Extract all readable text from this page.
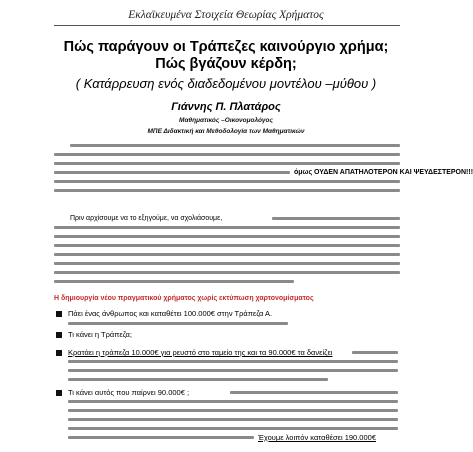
Εκλαϊκευμένα Στοιχεία Θεωρίας Χρήματος
Πώς παράγουν οι Τράπεζες καινούργιο χρήμα;
Πώς βγάζουν κέρδη;
( Κατάρρευση ενός διαδεδομένου μοντέλου –μύθου )
Γιάννης Π. Πλατάρος
Μαθηματικός –Οικονομολόγος
ΜΠΕ Διδακτική και Μεθοδολογία των Μαθηματικών
όμως ΟΥΔΕΝ ΑΠΑΤΗΛΟΤΕΡΟΝ ΚΑΙ ΨΕΥΔΕΣΤΕΡΟΝ!!!
Πριν αρχίσουμε να το εξηγούμε, να σχολιάσουμε,
Η δημιουργία νέου πραγματικού χρήματος χωρίς εκτύπωση χαρτονομίσματος
Πάει ένας άνθρωπος και καταθέτει 100.000€ στην Τράπεζα Α.
Τι κάνει η Τράπεζα;
Κρατάει η τράπεζα 10.000€ για ρευστό στο ταμείο της και τα 90.000€ τα δανείζει
Τι κάνει αυτός που παίρνει 90.000€ ;
Έχουμε λοιπόν καταθέσει 190.000€
